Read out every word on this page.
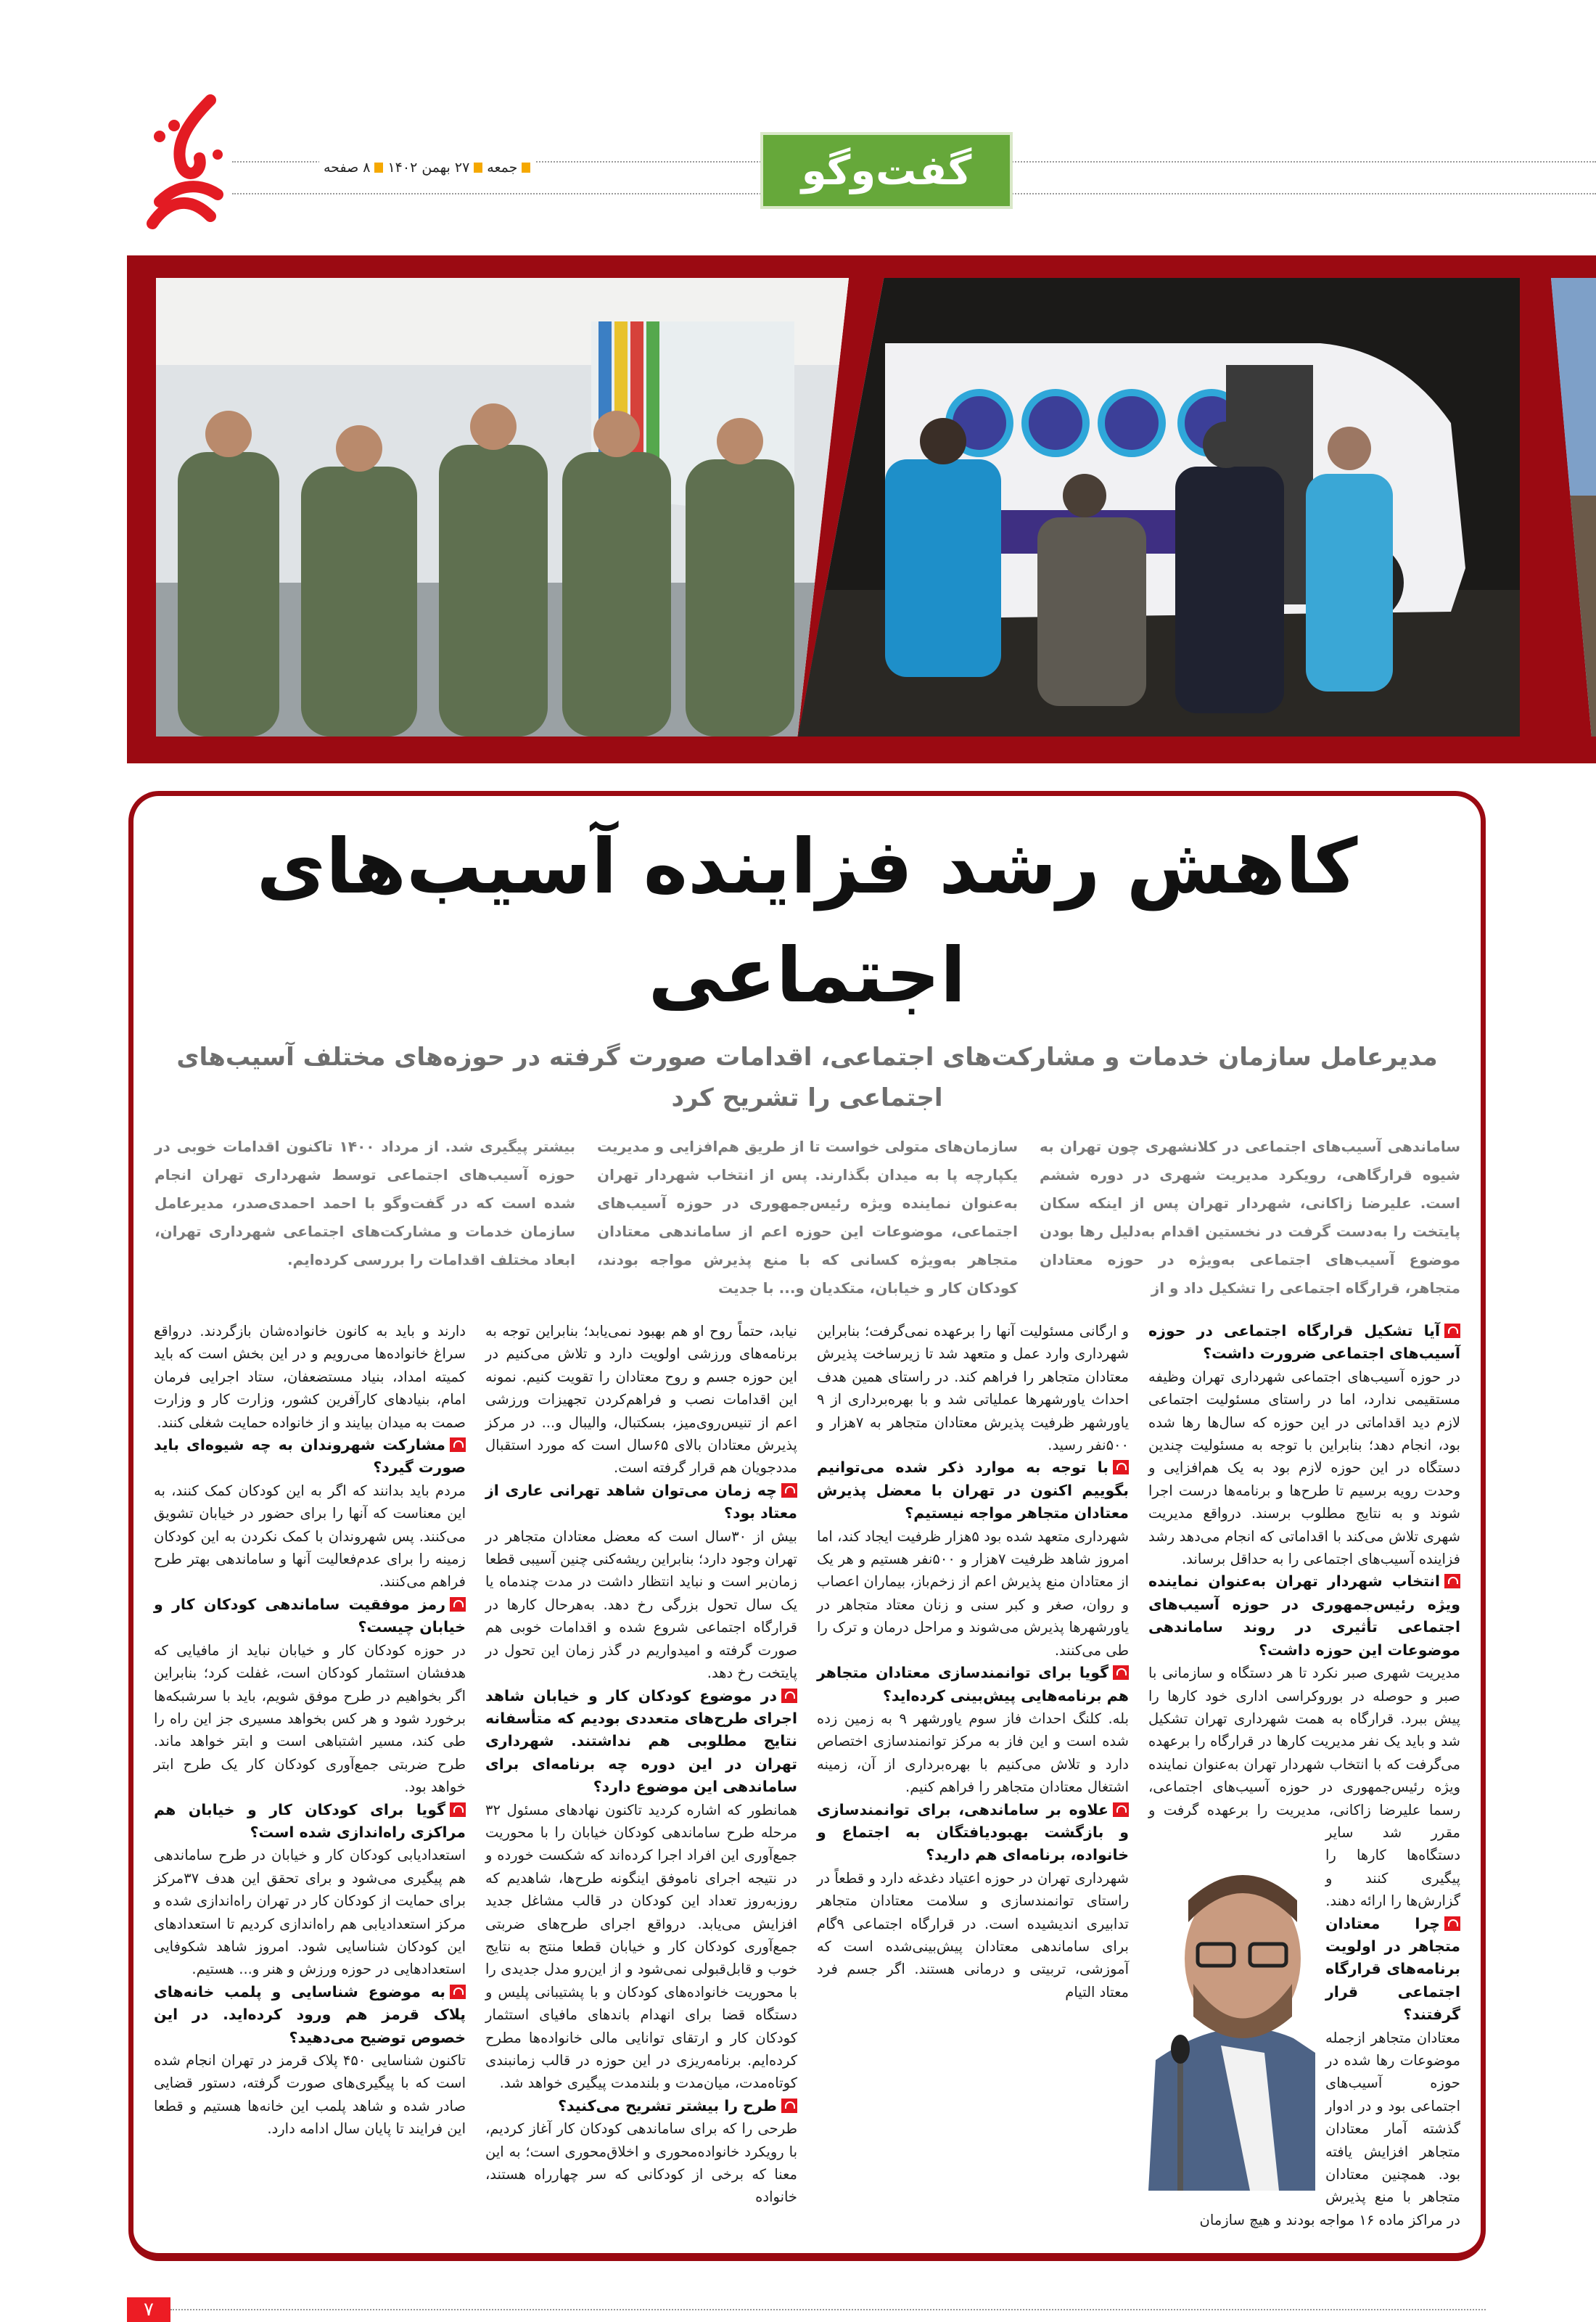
جمعه
۲۷ بهمن ۱۴۰۲
۸ صفحه	گفت‌وگو
کاهش رشد فزاینده آسیب‌های اجتماعی
مدیرعامل سازمان خدمات و مشارکت‌های اجتماعی، اقدامات صورت گرفته در حوزه‌های مختلف آسیب‌های اجتماعی را تشریح کرد
ساماندهی آسیب‌های اجتماعی در کلانشهری چون تهران به شیوه قرارگاهی، رویکرد مدیریت شهری در دوره ششم است. علیرضا زاکانی، شهردار تهران پس از اینکه سکان پایتخت را به‌دست گرفت در نخستین اقدام به‌دلیل رها بودن موضوع آسیب‌های اجتماعی به‌ویژه در حوزه معتادان متجاهر، قرارگاه اجتماعی را تشکیل داد و از
سازمان‌های متولی خواست تا از طریق هم‌افزایی و مدیریت یکپارچه پا به میدان بگذارند. پس از انتخاب شهردار تهران به‌عنوان نماینده ویژه رئیس‌جمهوری در حوزه آسیب‌های اجتماعی، موضوعات این حوزه اعم از ساماندهی معتادان متجاهر به‌ویژه کسانی که با منع پذیرش مواجه بودند، کودکان کار و خیابان، متکدیان و... با جدیت
بیشتر پیگیری شد. از مرداد ۱۴۰۰ تاکنون اقدامات خوبی در حوزه آسیب‌های اجتماعی توسط شهرداری تهران انجام شده است که در گفت‌وگو با احمد احمدی‌صدر، مدیرعامل سازمان خدمات و مشارکت‌های اجتماعی شهرداری تهران، ابعاد مختلف اقدامات را بررسی کرده‌ایم.

آیا تشکیل قرارگاه اجتماعی در حوزه آسیب‌های اجتماعی ضرورت داشت؟

در حوزه آسیب‌های اجتماعی شهرداری تهران وظیفه مستقیمی ندارد، اما در راستای مسئولیت اجتماعی لازم دید اقداماتی در این حوزه که سال‌ها رها شده بود، انجام دهد؛ بنابراین با توجه به مسئولیت چندین دستگاه در این حوزه لازم بود به یک هم‌افزایی و وحدت رویه برسیم تا طرح‌ها و برنامه‌ها درست اجرا شوند و به نتایج مطلوب برسند. درواقع مدیریت شهری تلاش می‌کند با اقداماتی که انجام می‌دهد رشد فزاینده آسیب‌های اجتماعی را به حداقل برساند.

انتخاب شهردار تهران به‌عنوان نماینده ویژه رئیس‌جمهوری در حوزه آسیب‌های اجتماعی تأثیری در روند ساماندهی موضوعات این حوزه داشت؟

مدیریت شهری صبر نکرد تا هر دستگاه و سازمانی با صبر و حوصله در بوروکراسی اداری خود کارها را پیش ببرد. قرارگاه به همت شهرداری تهران تشکیل شد و باید یک نفر مدیریت کارها در قرارگاه را برعهده می‌گرفت که با انتخاب شهردار تهران به‌عنوان نماینده ویژه رئیس‌جمهوری در حوزه آسیب‌های اجتماعی، رسما علیرضا زاکانی، مدیریت را برعهده گرفت و مقرر شد سایر دستگاه‌ها کارها را پیگیری کنند و گزارش‌ها را ارائه دهند.

چرا معتادان متجاهر در اولویت برنامه‌های قرارگاه اجتماعی قرار گرفتند؟

معتادان متجاهر ازجمله موضوعات رها شده در حوزه آسیب‌های اجتماعی بود و در ادوار گذشته آمار معتادان متجاهر افزایش یافته بود. همچنین معتادان متجاهر با منع پذیرش در مراکز ماده ۱۶ مواجه بودند و هیچ سازمان

و ارگانی مسئولیت آنها را برعهده نمی‌گرفت؛ بنابراین شهرداری وارد عمل و متعهد شد تا زیرساخت پذیرش معتادان متجاهر را فراهم کند. در راستای همین هدف احداث یاورشهرها عملیاتی شد و با بهره‌برداری از ۹ یاورشهر ظرفیت پذیرش معتادان متجاهر به ۷هزار و ۵۰۰نفر رسید.

با توجه به موارد ذکر شده می‌توانیم بگوییم اکنون در تهران با معضل پذیرش معتادان متجاهر مواجه نیستیم؟

شهرداری متعهد شده بود ۵هزار ظرفیت ایجاد کند، اما امروز شاهد ظرفیت ۷هزار و ۵۰۰نفر هستیم و هر یک از معتادان منع پذیرش اعم از زخم‌باز، بیماران اعصاب و روان، صغر و کبر سنی و زنان معتاد متجاهر در یاورشهرها پذیرش می‌شوند و مراحل درمان و ترک را طی می‌کنند.

گویا برای توانمندسازی معتادان متجاهر هم برنامه‌هایی پیش‌بینی کرده‌اید؟

بله. کلنگ احداث فاز سوم یاورشهر ۹ به زمین زده شده است و این فاز به مرکز توانمندسازی اختصاص دارد و تلاش می‌کنیم با بهره‌برداری از آن، زمینه اشتغال معتادان متجاهر را فراهم کنیم.

علاوه بر ساماندهی، برای توانمندسازی و بازگشت بهبودیافتگان به اجتماع و خانواده، برنامه‌ای هم دارید؟

شهرداری تهران در حوزه اعتیاد دغدغه دارد و قطعاً در راستای توانمندسازی و سلامت معتادان متجاهر تدابیری اندیشیده است. در قرارگاه اجتماعی ۹گام برای ساماندهی معتادان پیش‌بینی‌شده است که آموزشی، تربیتی و درمانی هستند. اگر جسم فرد معتاد التیام

نیابد، حتماً روح او هم بهبود نمی‌یابد؛ بنابراین توجه به برنامه‌های ورزشی اولویت دارد و تلاش می‌کنیم در این حوزه جسم و روح معتادان را تقویت کنیم. نمونه این اقدامات نصب و فراهم‌کردن تجهیزات ورزشی اعم از تنیس‌روی‌میز، بسکتبال، والیبال و... در مرکز پذیرش معتادان بالای ۶۵سال است که مورد استقبال مددجویان هم قرار گرفته است.

چه زمان می‌توان شاهد تهرانی عاری از معتاد بود؟

بیش از ۳۰سال است که معضل معتادان متجاهر در تهران وجود دارد؛ بنابراین ریشه‌کنی چنین آسیبی قطعا زمان‌بر است و نباید انتظار داشت در مدت چندماه یا یک سال تحول بزرگی رخ دهد. به‌هرحال کارها در قرارگاه اجتماعی شروع شده و اقدامات خوبی هم صورت گرفته و امیدواریم در گذر زمان این تحول در پایتخت رخ دهد.

در موضوع کودکان کار و خیابان شاهد اجرای طرح‌های متعددی بودیم که متأسفانه نتایج مطلوبی هم نداشتند. شهرداری تهران در این دوره چه برنامه‌ای برای ساماندهی این موضوع دارد؟

همانطور که اشاره کردید تاکنون نهادهای مسئول ۳۲ مرحله طرح ساماندهی کودکان خیابان را با محوریت جمع‌آوری این افراد اجرا کرده‌اند که شکست خورده و در نتیجه اجرای ناموفق اینگونه طرح‌ها، شاهدیم که روزبه‌روز تعداد این کودکان در قالب مشاغل جدید افزایش می‌یابد. درواقع اجرای طرح‌های ضربتی جمع‌آوری کودکان کار و خیابان قطعا منتج به نتایج خوب و قابل‌قبولی نمی‌شود و از این‌رو مدل جدیدی را با محوریت خانواده‌های کودکان و با پشتیبانی پلیس و دستگاه قضا برای انهدام باندهای مافیای استثمار کودکان کار و ارتقای توانایی مالی خانواده‌ها مطرح کرده‌ایم. برنامه‌ریزی در این حوزه در قالب زمانبندی کوتاه‌مدت، میان‌مدت و بلندمدت پیگیری خواهد شد.

طرح را بیشتر تشریح می‌کنید؟

طرحی را که برای ساماندهی کودکان کار آغاز کردیم، با رویکرد خانواده‌محوری و اخلاق‌محوری است؛ به این معنا که برخی از کودکانی که سر چهارراه هستند، خانواده

دارند و باید به کانون خانواده‌شان بازگردند. درواقع سراغ خانواده‌ها می‌رویم و در این بخش است که باید کمیته امداد، بنیاد مستضعفان، ستاد اجرایی فرمان امام، بنیادهای کارآفرین کشور، وزارت کار و وزارت صمت به میدان بیایند و از خانواده حمایت شغلی کنند.

مشارکت شهروندان به چه شیوه‌ای باید صورت گیرد؟

مردم باید بدانند که اگر به این کودکان کمک کنند، به این معناست که آنها را برای حضور در خیابان تشویق می‌کنند. پس شهروندان با کمک نکردن به این کودکان زمینه را برای عدم‌فعالیت آنها و ساماندهی بهتر طرح فراهم می‌کنند.

رمز موفقیت ساماندهی کودکان کار و خیابان چیست؟

در حوزه کودکان کار و خیابان نباید از مافیایی که هدفشان استثمار کودکان است، غفلت کرد؛ بنابراین اگر بخواهیم در طرح موفق شویم، باید با سرشبکه‌ها برخورد شود و هر کس بخواهد مسیری جز این راه را طی کند، مسیر اشتباهی است و ابتر خواهد ماند. طرح ضربتی جمع‌آوری کودکان کار یک طرح ابتر خواهد بود.

گویا برای کودکان کار و خیابان هم مراکزی راه‌اندازی شده است؟

استعدادیابی کودکان کار و خیابان در طرح ساماندهی هم پیگیری می‌شود و برای تحقق این هدف ۳۷مرکز برای حمایت از کودکان کار در تهران راه‌اندازی شده و مرکز استعدادیابی هم راه‌اندازی کردیم تا استعدادهای این کودکان شناسایی شود. امروز شاهد شکوفایی استعدادهایی در حوزه ورزش و هنر و... هستیم.

به موضوع شناسایی و پلمب خانه‌های پلاک قرمز هم ورود کرده‌اید. در این خصوص توضیح می‌دهید؟

تاکنون شناسایی ۴۵۰ پلاک قرمز در تهران انجام شده است که با پیگیری‌های صورت گرفته، دستور قضایی صادر شده و شاهد پلمب این خانه‌ها هستیم و قطعا این فرایند تا پایان سال ادامه دارد.

۷
